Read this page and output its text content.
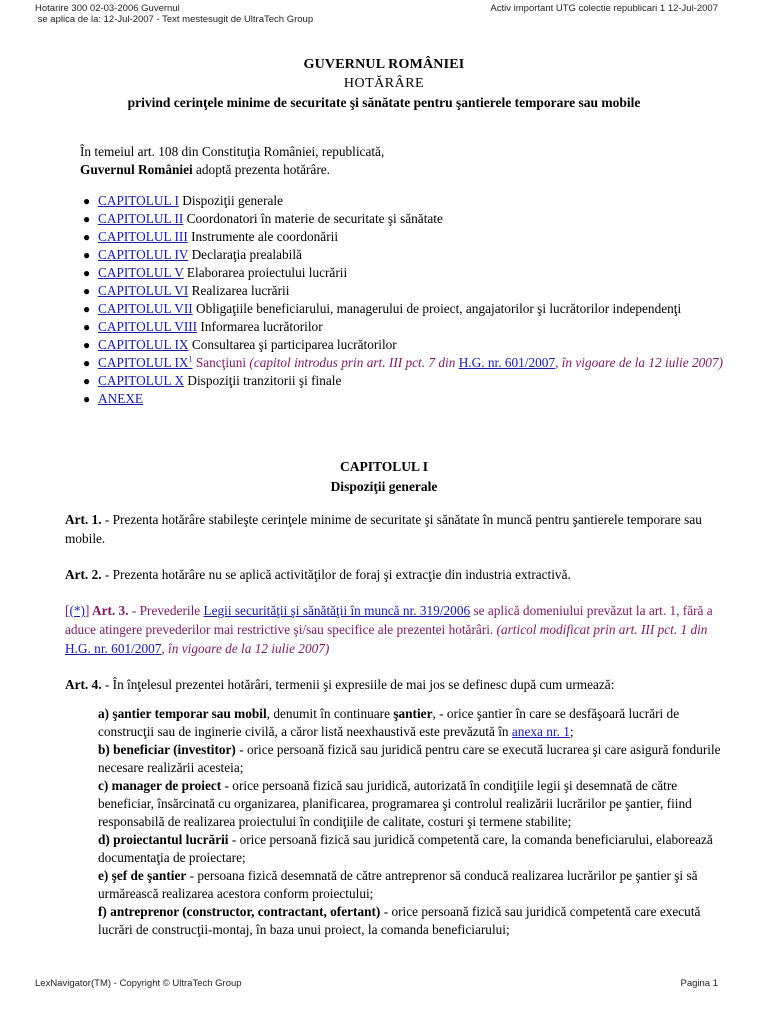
Hotarire 300 02-03-2006 Guvernul
se aplica de la: 12-Jul-2007 - Text mestesugit de UltraTech Group
Activ important UTG colectie republicari 1 12-Jul-2007
GUVERNUL ROMÂNIEI
HOTĂRÂRE
privind cerinţele minime de securitate şi sănătate pentru şantierele temporare sau mobile
În temeiul art. 108 din Constituţia României, republicată,
Guvernul României adoptă prezenta hotărâre.
● CAPITOLUL I Dispoziţii generale
● CAPITOLUL II Coordonatori în materie de securitate şi sănătate
● CAPITOLUL III Instrumente ale coordonării
● CAPITOLUL IV Declaraţia prealabilă
● CAPITOLUL V Elaborarea proiectului lucrării
● CAPITOLUL VI Realizarea lucrării
● CAPITOLUL VII Obligaţiile beneficiarului, managerului de proiect, angajatorilor şi lucrătorilor independenţi
● CAPITOLUL VIII Informarea lucrătorilor
● CAPITOLUL IX Consultarea şi participarea lucrătorilor
● CAPITOLUL $IX^1$ Sancţiuni (capitol introdus prin art. III pct. 7 din H.G. nr. 601/2007, în vigoare de la 12 iulie 2007)
● CAPITOLUL X Dispoziţii tranzitorii şi finale
● ANEXE
CAPITOLUL I
Dispoziţii generale
Art. 1. - Prezenta hotărâre stabileşte cerinţele minime de securitate şi sănătate în muncă pentru şantierele temporare sau mobile.
Art. 2. - Prezenta hotărâre nu se aplică activităţilor de foraj şi extracţie din industria extractivă.
[(*)] Art. 3. - Prevederile Legii securităţii şi sănătăţii în muncă nr. 319/2006 se aplică domeniului prevăzut la art. 1, fără a aduce atingere prevederilor mai restrictive şi/sau specifice ale prezentei hotărâri. (articol modificat prin art. III pct. 1 din H.G. nr. 601/2007, în vigoare de la 12 iulie 2007)
Art. 4. - În înţelesul prezentei hotărâri, termenii şi expresiile de mai jos se definesc după cum urmează:

a) şantier temporar sau mobil, denumit în continuare şantier, - orice şantier în care se desfăşoară lucrări de construcţii sau de inginerie civilă, a căror listă neexhaustivă este prevăzută în anexa nr. 1;

b) beneficiar (investitor) - orice persoană fizică sau juridică pentru care se execută lucrarea şi care asigură fondurile necesare realizării acesteia;

c) manager de proiect - orice persoană fizică sau juridică, autorizată în condiţiile legii şi desemnată de către beneficiar, însărcinată cu organizarea, planificarea, programarea şi controlul realizării lucrărilor pe şantier, fiind responsabilă de realizarea proiectului în condiţiile de calitate, costuri şi termene stabilite;

d) proiectantul lucrării - orice persoană fizică sau juridică competentă care, la comanda beneficiarului, elaborează documentaţia de proiectare;

e) şef de şantier - persoana fizică desemnată de către antreprenor să conducă realizarea lucrărilor pe şantier şi să urmărească realizarea acestora conform proiectului;

f) antreprenor (constructor, contractant, ofertant) - orice persoană fizică sau juridică competentă care execută lucrări de construcţii-montaj, în baza unui proiect, la comanda beneficiarului;

LexNavigator(TM) - Copyright © UltraTech Group	Pagina 1
